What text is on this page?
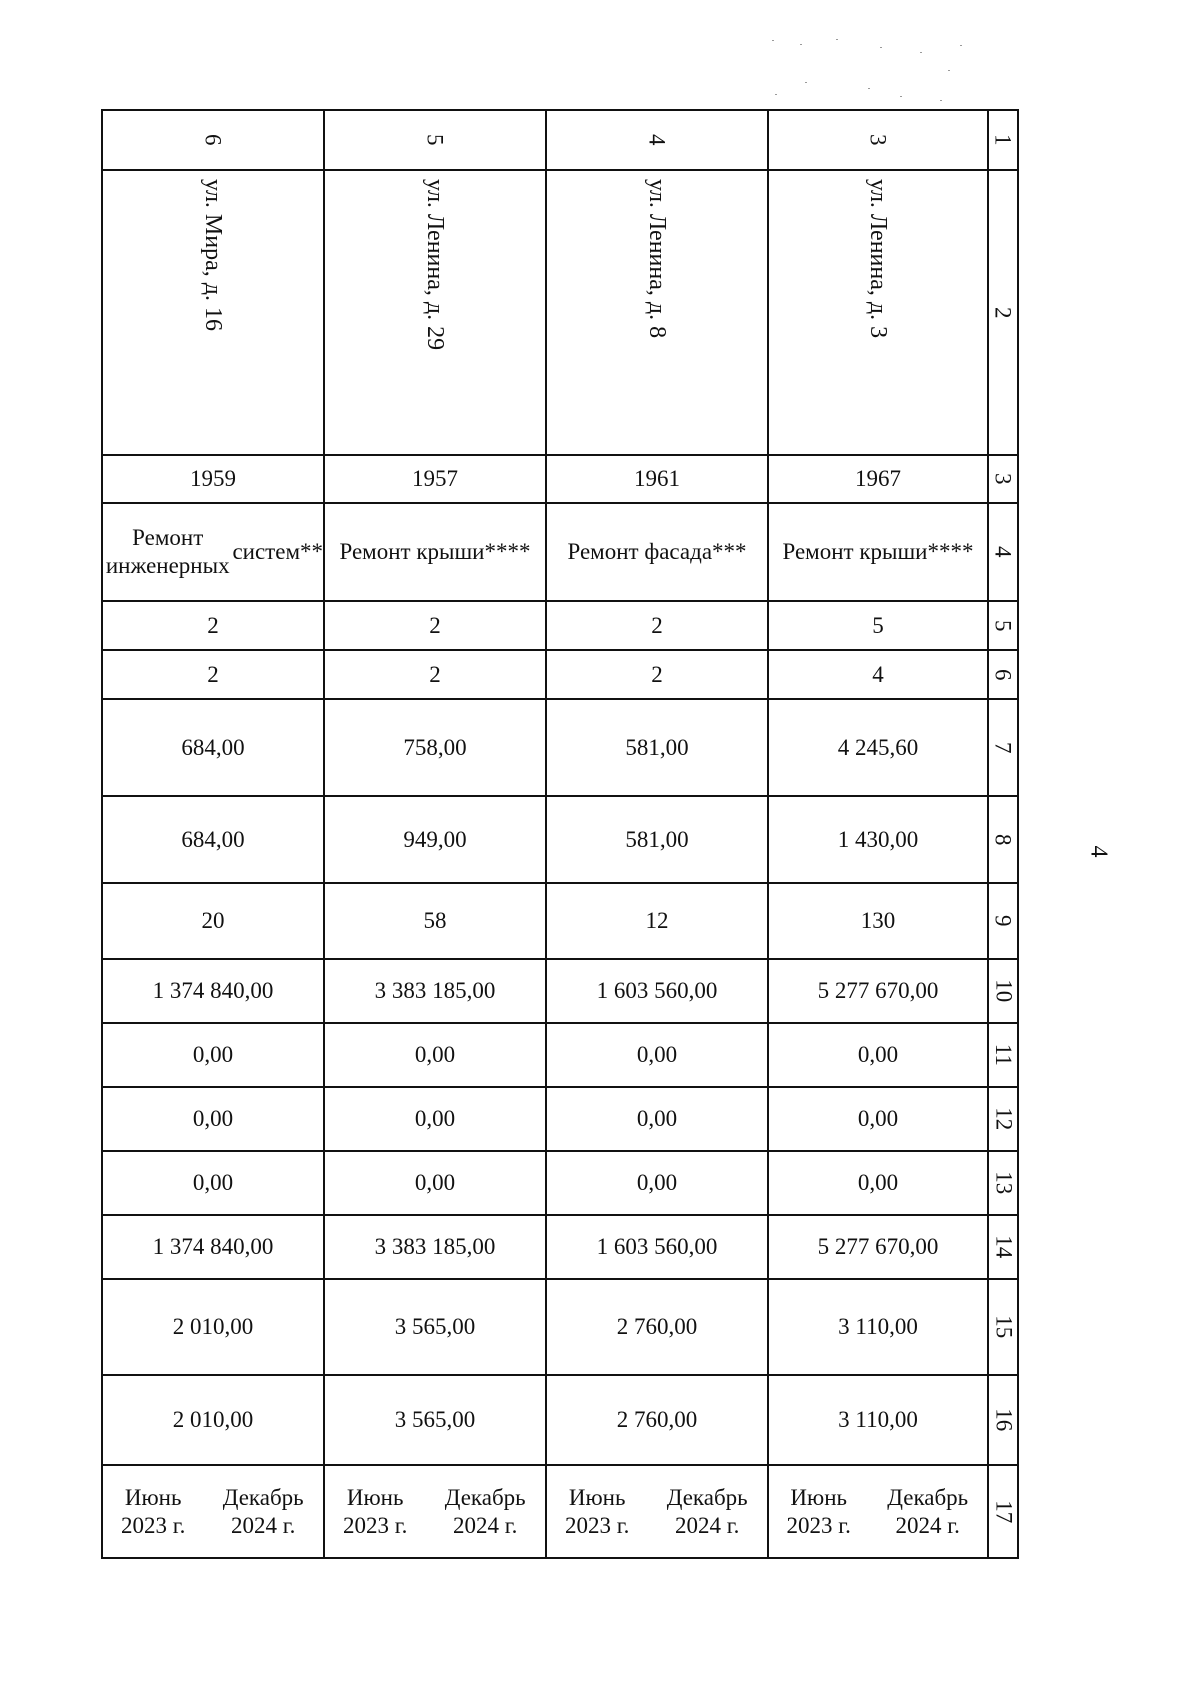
6
ул. Мира, д. 16
1959
Ремонт инженерных
систем**
2
2
684,00
684,00
20
1 374 840,00
0,00
0,00
0,00
1 374 840,00
2 010,00
2 010,00
Июнь 2023 г.
Декабрь 2024 г.
5
ул. Ленина, д. 29
1957
Ремонт крыши****
2
2
758,00
949,00
58
3 383 185,00
0,00
0,00
0,00
3 383 185,00
3 565,00
3 565,00
Июнь 2023 г.
Декабрь 2024 г.
4
ул. Ленина, д. 8
1961
Ремонт фасада***
2
2
581,00
581,00
12
1 603 560,00
0,00
0,00
0,00
1 603 560,00
2 760,00
2 760,00
Июнь 2023 г.
Декабрь 2024 г.
3
ул. Ленина, д. 3
1967
Ремонт крыши****
5
4
4 245,60
1 430,00
130
5 277 670,00
0,00
0,00
0,00
5 277 670,00
3 110,00
3 110,00
Июнь 2023 г.
Декабрь 2024 г.
1
2
3
4
5
6
7
8
9
10
11
12
13
14
15
16
17
4
